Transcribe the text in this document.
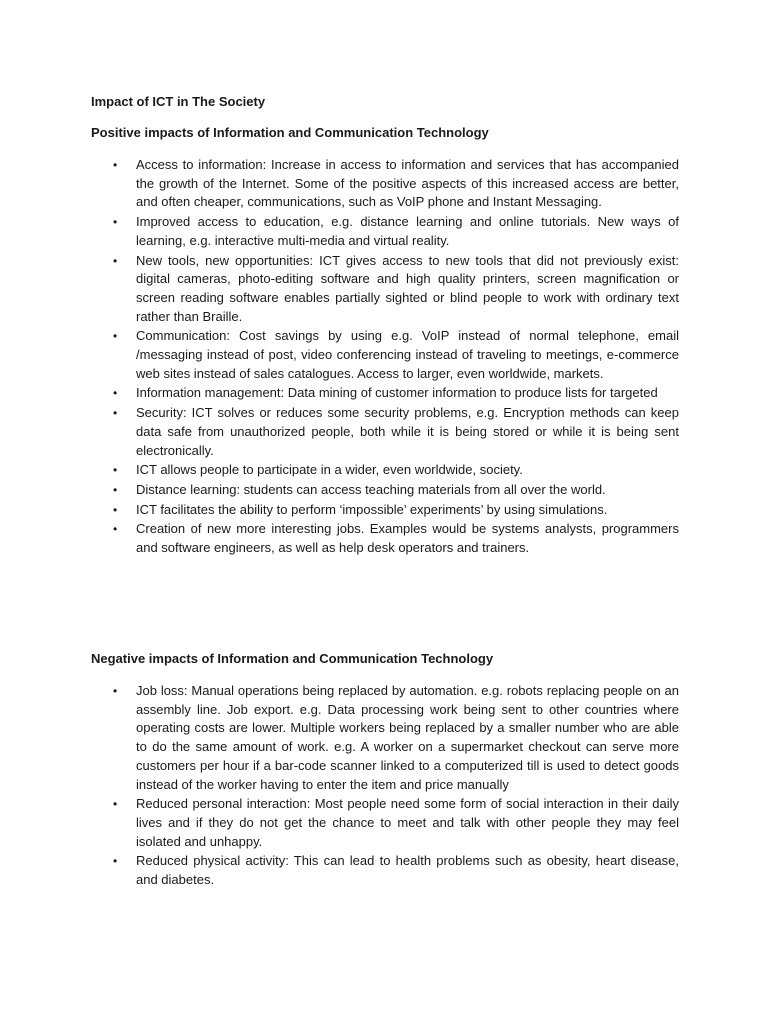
Impact of ICT in The Society

Positive impacts of Information and Communication Technology

• Access to information: Increase in access to information and services that has accompanied the growth of the Internet. Some of the positive aspects of this increased access are better, and often cheaper, communications, such as VoIP phone and Instant Messaging.
• Improved access to education, e.g. distance learning and online tutorials. New ways of learning, e.g. interactive multi-media and virtual reality.
• New tools, new opportunities: ICT gives access to new tools that did not previously exist: digital cameras, photo-editing software and high quality printers, screen magnification or screen reading software enables partially sighted or blind people to work with ordinary text rather than Braille.
• Communication: Cost savings by using e.g. VoIP instead of normal telephone, email /messaging instead of post, video conferencing instead of traveling to meetings, e-commerce web sites instead of sales catalogues. Access to larger, even worldwide, markets.
• Information management: Data mining of customer information to produce lists for targeted
• Security: ICT solves or reduces some security problems, e.g. Encryption methods can keep data safe from unauthorized people, both while it is being stored or while it is being sent electronically.
• ICT allows people to participate in a wider, even worldwide, society.
• Distance learning: students can access teaching materials from all over the world.
• ICT facilitates the ability to perform ‘impossible’ experiments’ by using simulations.
• Creation of new more interesting jobs. Examples would be systems analysts, programmers and software engineers, as well as help desk operators and trainers.

Negative impacts of Information and Communication Technology

• Job loss: Manual operations being replaced by automation. e.g. robots replacing people on an assembly line. Job export. e.g. Data processing work being sent to other countries where operating costs are lower. Multiple workers being replaced by a smaller number who are able to do the same amount of work. e.g. A worker on a supermarket checkout can serve more customers per hour if a bar-code scanner linked to a computerized till is used to detect goods instead of the worker having to enter the item and price manually
• Reduced personal interaction: Most people need some form of social interaction in their daily lives and if they do not get the chance to meet and talk with other people they may feel isolated and unhappy.
• Reduced physical activity: This can lead to health problems such as obesity, heart disease, and diabetes.
